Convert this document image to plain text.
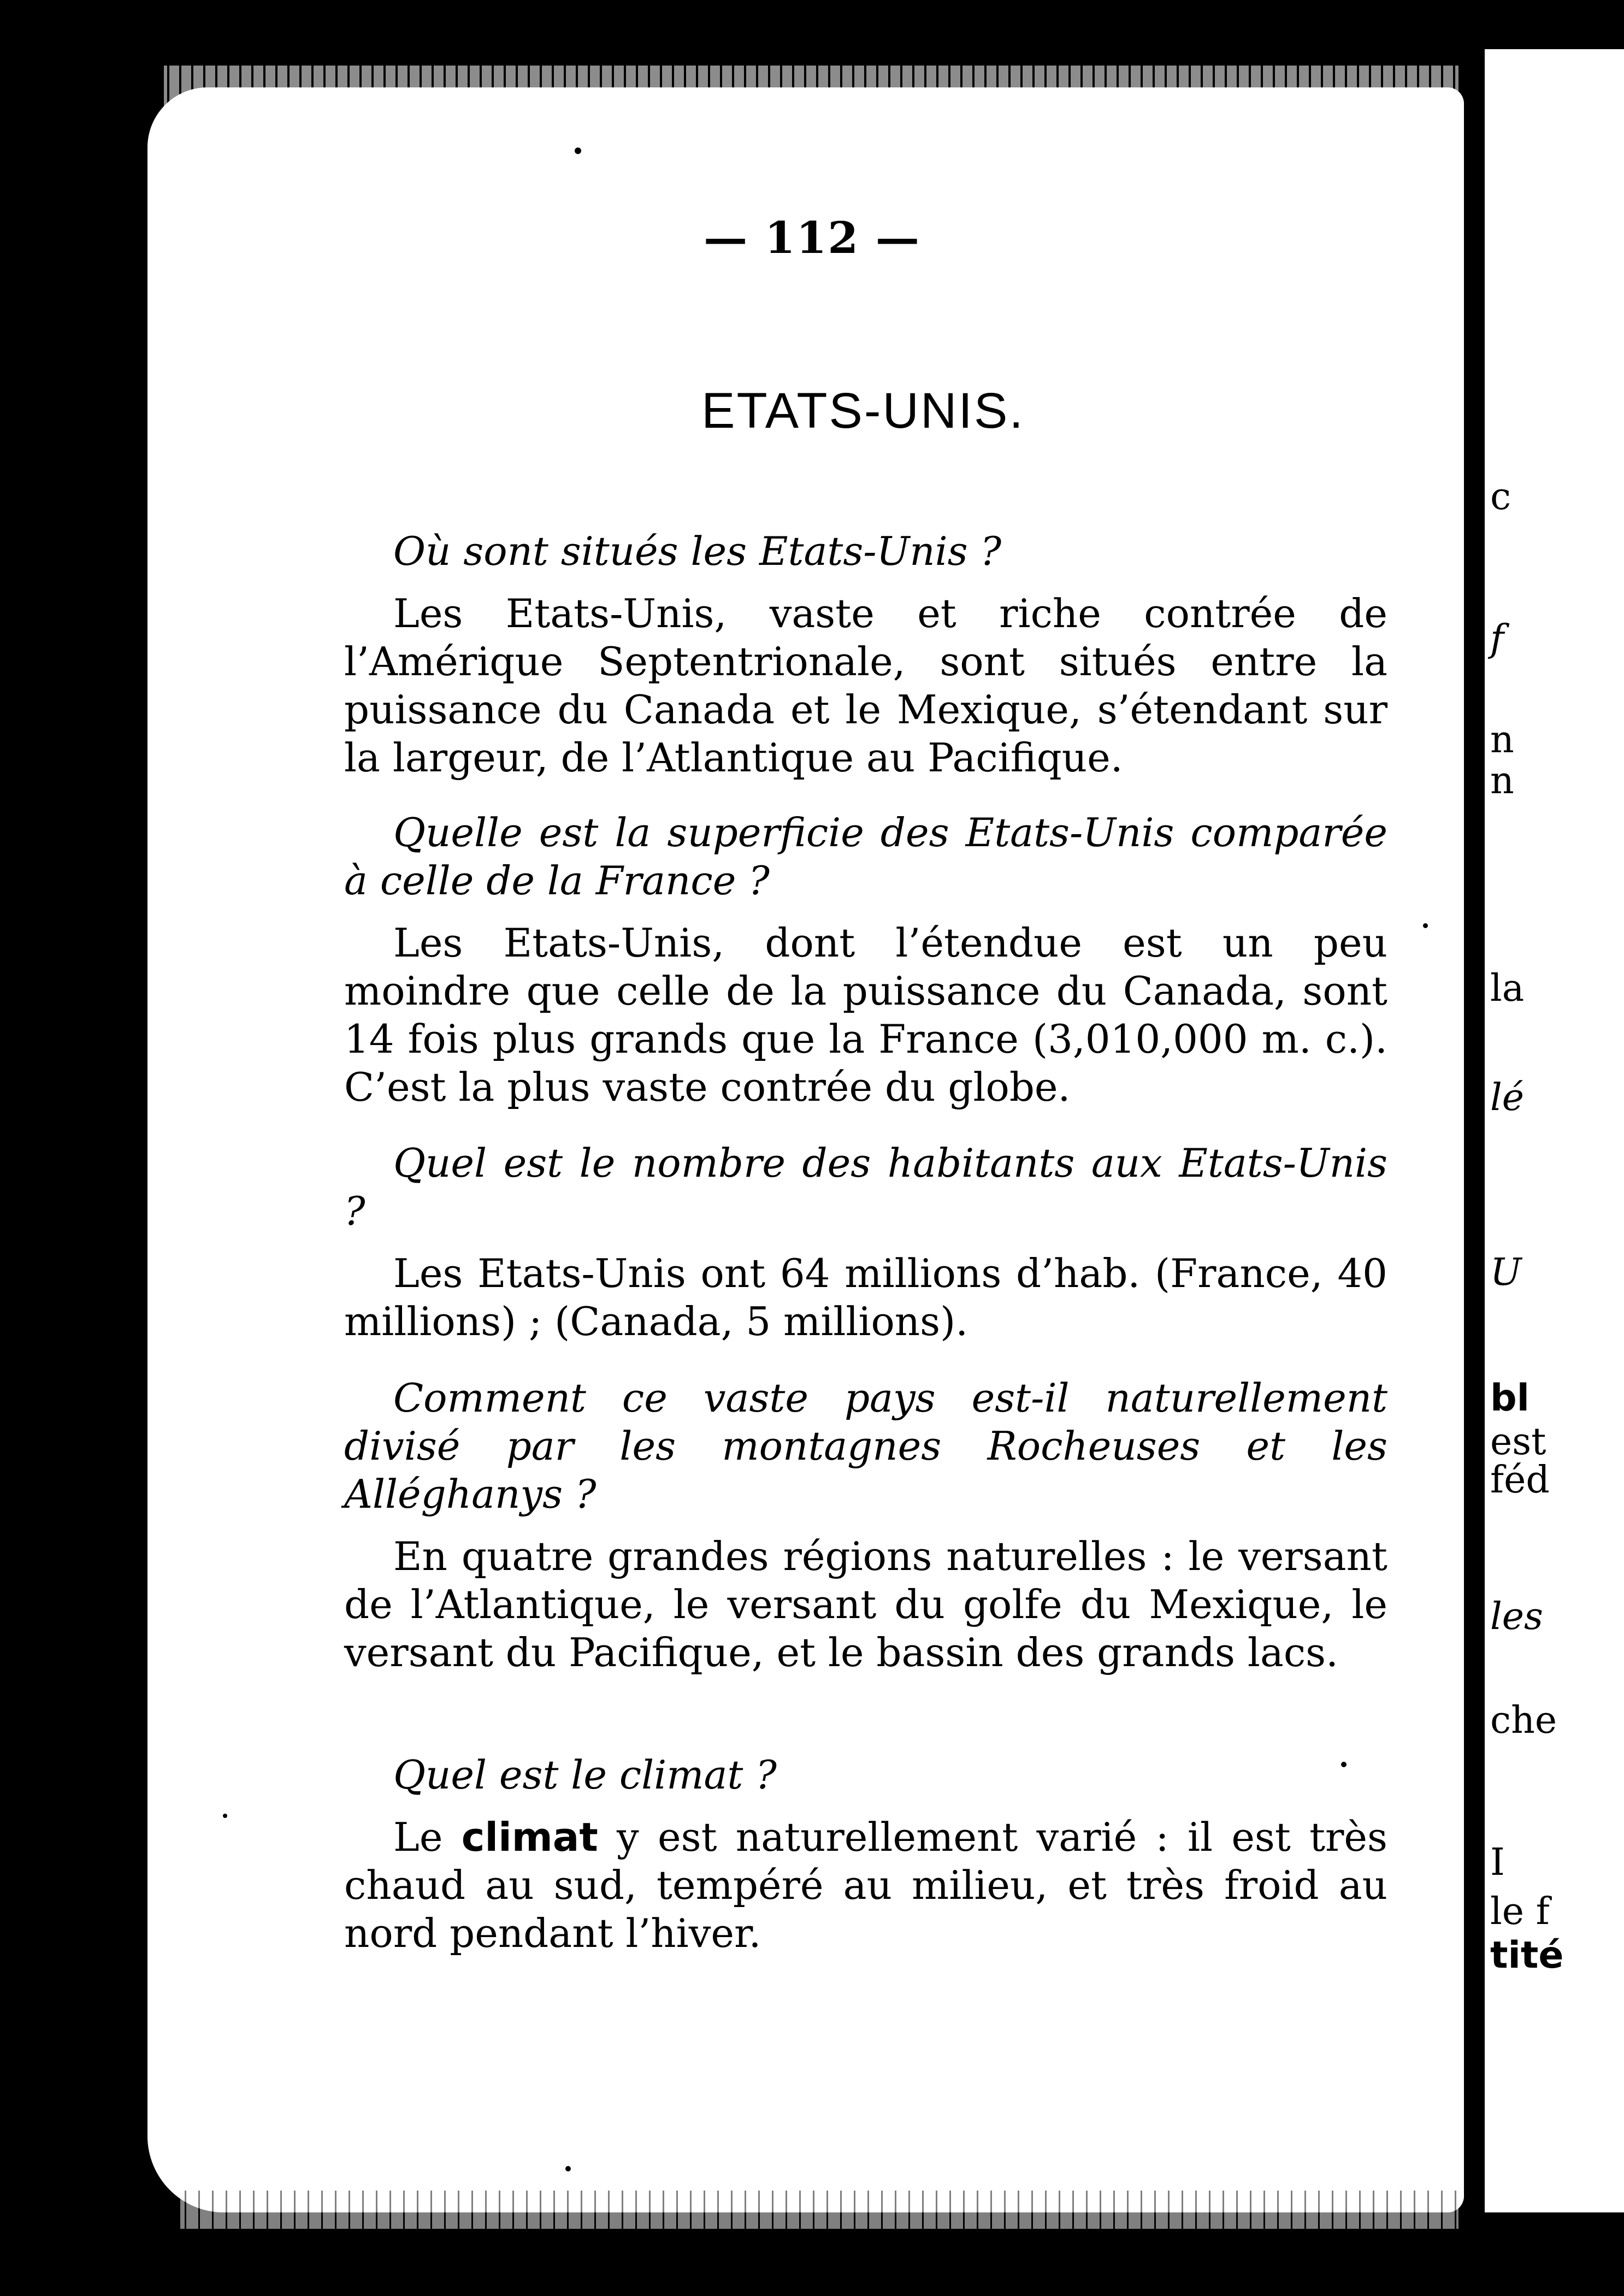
c
f
n
n
la
lé
U
bl
est
féd
les
che
I
le f
tité
— 112 —
ETATS-UNIS.

Où sont situés les Etats-Unis ?

Les Etats-Unis, vaste et riche contrée de l’Amérique Septentrionale, sont situés entre la puissance du Canada et le Mexique, s’étendant sur la largeur, de l’Atlantique au Pacifique.

Quelle est la superficie des Etats-Unis comparée à celle de la France ?

Les Etats-Unis, dont l’étendue est un peu moindre que celle de la puissance du Canada, sont 14 fois plus grands que la France (3,010,000 m. c.). C’est la plus vaste contrée du globe.

Quel est le nombre des habitants aux Etats-Unis ?

Les Etats-Unis ont 64 millions d’hab. (France, 40 millions) ; (Canada, 5 millions).

Comment ce vaste pays est-il naturellement divisé par les montagnes Rocheuses et les Alléghanys ?

En quatre grandes régions naturelles : le versant de l’Atlantique, le versant du golfe du Mexique, le versant du Pacifique, et le bassin des grands lacs.

Quel est le climat ?

Le climat y est naturellement varié : il est très chaud au sud, tempéré au milieu, et très froid au nord pendant l’hiver.
